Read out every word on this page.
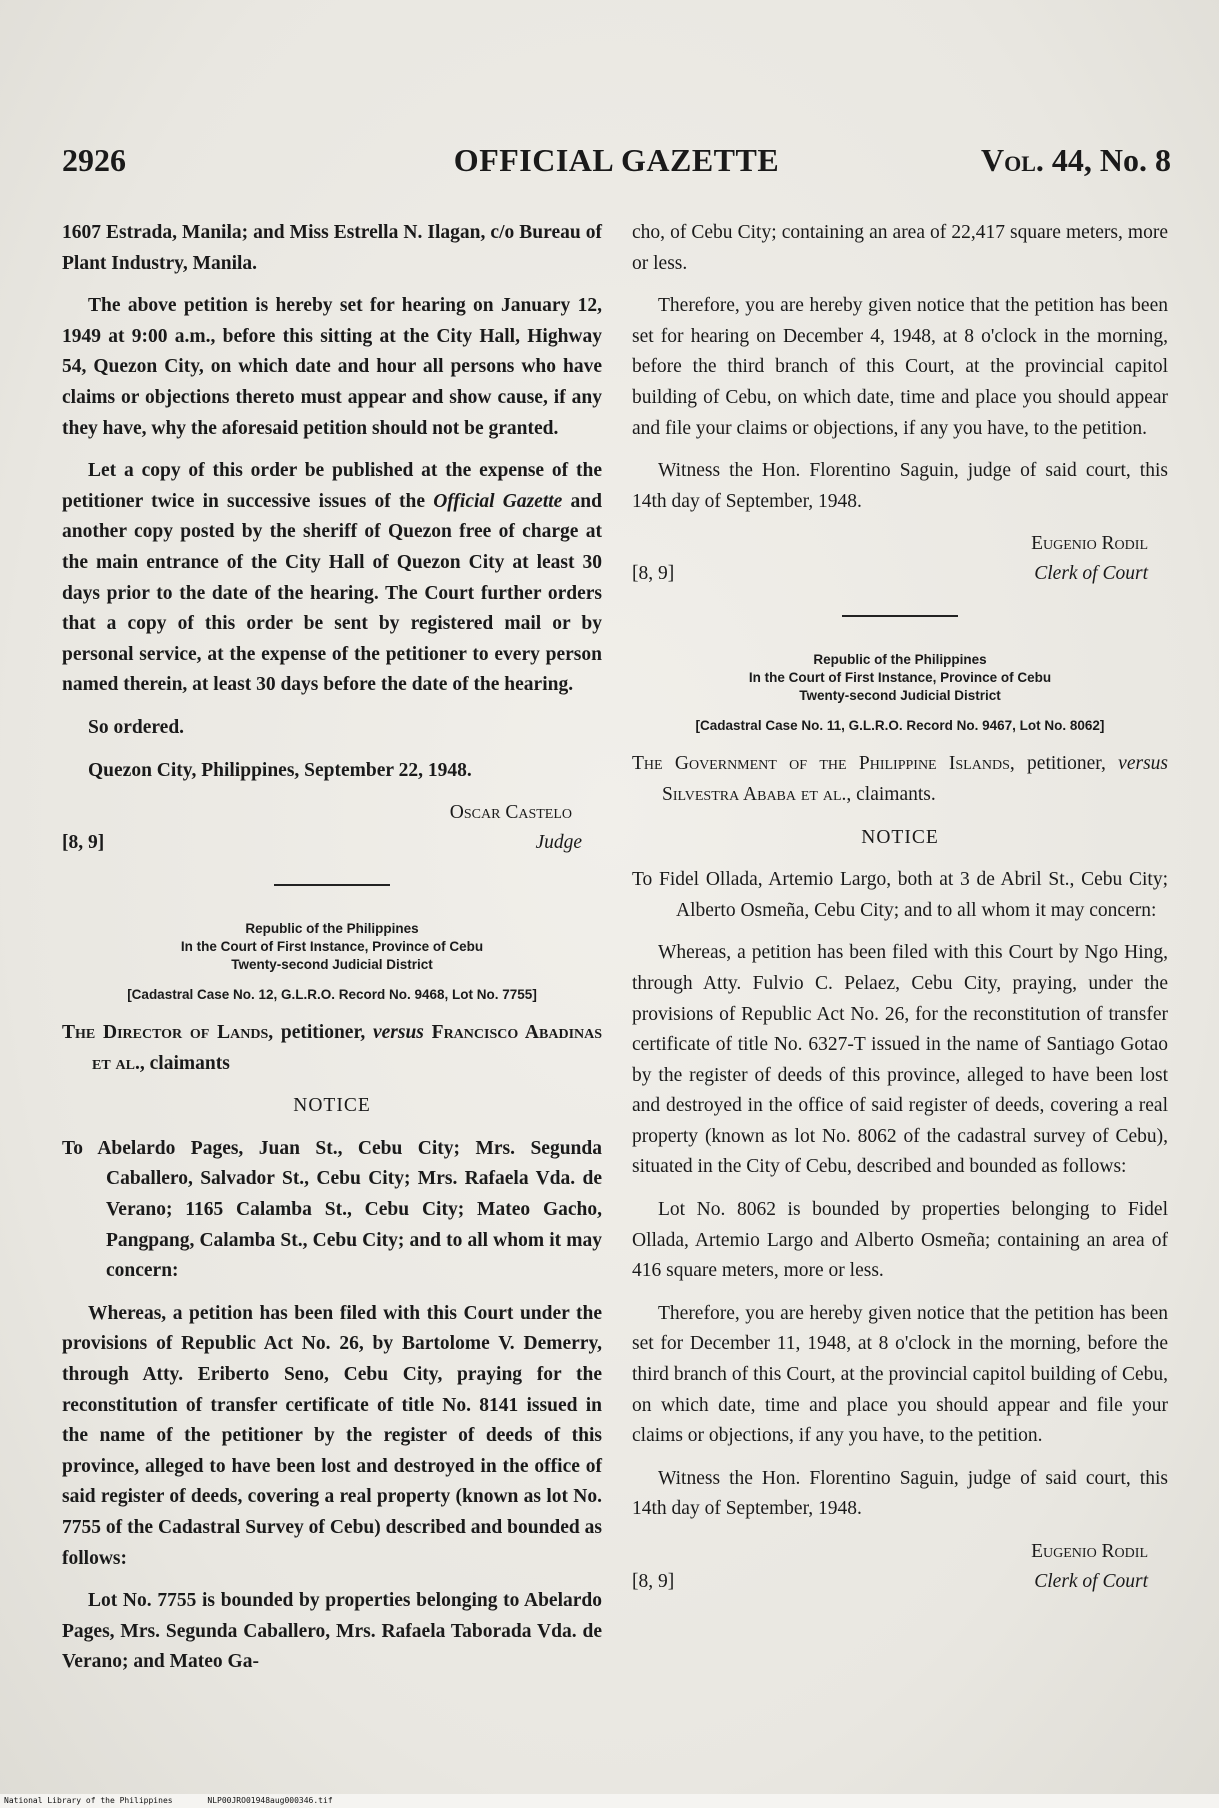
2926	OFFICIAL GAZETTE	Vol. 44, No. 8

1607 Estrada, Manila; and Miss Estrella N. Ilagan, c/o Bureau of Plant Industry, Manila.

The above petition is hereby set for hearing on January 12, 1949 at 9:00 a.m., before this sitting at the City Hall, Highway 54, Quezon City, on which date and hour all persons who have claims or objections thereto must appear and show cause, if any they have, why the aforesaid petition should not be granted.

Let a copy of this order be published at the expense of the petitioner twice in successive issues of the Official Gazette and another copy posted by the sheriff of Quezon free of charge at the main entrance of the City Hall of Quezon City at least 30 days prior to the date of the hearing. The Court further orders that a copy of this order be sent by registered mail or by personal service, at the expense of the petitioner to every person named therein, at least 30 days before the date of the hearing.

So ordered.

Quezon City, Philippines, September 22, 1948.

[8, 9]
Oscar Castelo
Judge
Republic of the Philippines
In the Court of First Instance, Province of Cebu
Twenty-second Judicial District
[Cadastral Case No. 12, G.L.R.O. Record No. 9468, Lot No. 7755]

The Director of Lands, petitioner, versus Francisco Abadinas et al., claimants

NOTICE

To Abelardo Pages, Juan St., Cebu City; Mrs. Segunda Caballero, Salvador St., Cebu City; Mrs. Rafaela Vda. de Verano; 1165 Calamba St., Cebu City; Mateo Gacho, Pangpang, Calamba St., Cebu City; and to all whom it may concern:

Whereas, a petition has been filed with this Court under the provisions of Republic Act No. 26, by Bartolome V. Demerry, through Atty. Eriberto Seno, Cebu City, praying for the reconstitution of transfer certificate of title No. 8141 issued in the name of the petitioner by the register of deeds of this province, alleged to have been lost and destroyed in the office of said register of deeds, covering a real property (known as lot No. 7755 of the Cadastral Survey of Cebu) described and bounded as follows:

Lot No. 7755 is bounded by properties belonging to Abelardo Pages, Mrs. Segunda Caballero, Mrs. Rafaela Taborada Vda. de Verano; and Mateo Ga-

cho, of Cebu City; containing an area of 22,417 square meters, more or less.

Therefore, you are hereby given notice that the petition has been set for hearing on December 4, 1948, at 8 o'clock in the morning, before the third branch of this Court, at the provincial capitol building of Cebu, on which date, time and place you should appear and file your claims or objections, if any you have, to the petition.

Witness the Hon. Florentino Saguin, judge of said court, this 14th day of September, 1948.

[8, 9]
Eugenio Rodil
Clerk of Court
Republic of the Philippines
In the Court of First Instance, Province of Cebu
Twenty-second Judicial District
[Cadastral Case No. 11, G.L.R.O. Record No. 9467, Lot No. 8062]

The Government of the Philippine Islands, petitioner, versus Silvestra Ababa et al., claimants.

NOTICE

To Fidel Ollada, Artemio Largo, both at 3 de Abril St., Cebu City; Alberto Osmeña, Cebu City; and to all whom it may concern:

Whereas, a petition has been filed with this Court by Ngo Hing, through Atty. Fulvio C. Pelaez, Cebu City, praying, under the provisions of Republic Act No. 26, for the reconstitution of transfer certificate of title No. 6327-T issued in the name of Santiago Gotao by the register of deeds of this province, alleged to have been lost and destroyed in the office of said register of deeds, covering a real property (known as lot No. 8062 of the cadastral survey of Cebu), situated in the City of Cebu, described and bounded as follows:

Lot No. 8062 is bounded by properties belonging to Fidel Ollada, Artemio Largo and Alberto Osmeña; containing an area of 416 square meters, more or less.

Therefore, you are hereby given notice that the petition has been set for December 11, 1948, at 8 o'clock in the morning, before the third branch of this Court, at the provincial capitol building of Cebu, on which date, time and place you should appear and file your claims or objections, if any you have, to the petition.

Witness the Hon. Florentino Saguin, judge of said court, this 14th day of September, 1948.

[8, 9]
Eugenio Rodil
Clerk of Court
National Library of the Philippines	NLP00JRO01948aug000346.tif
